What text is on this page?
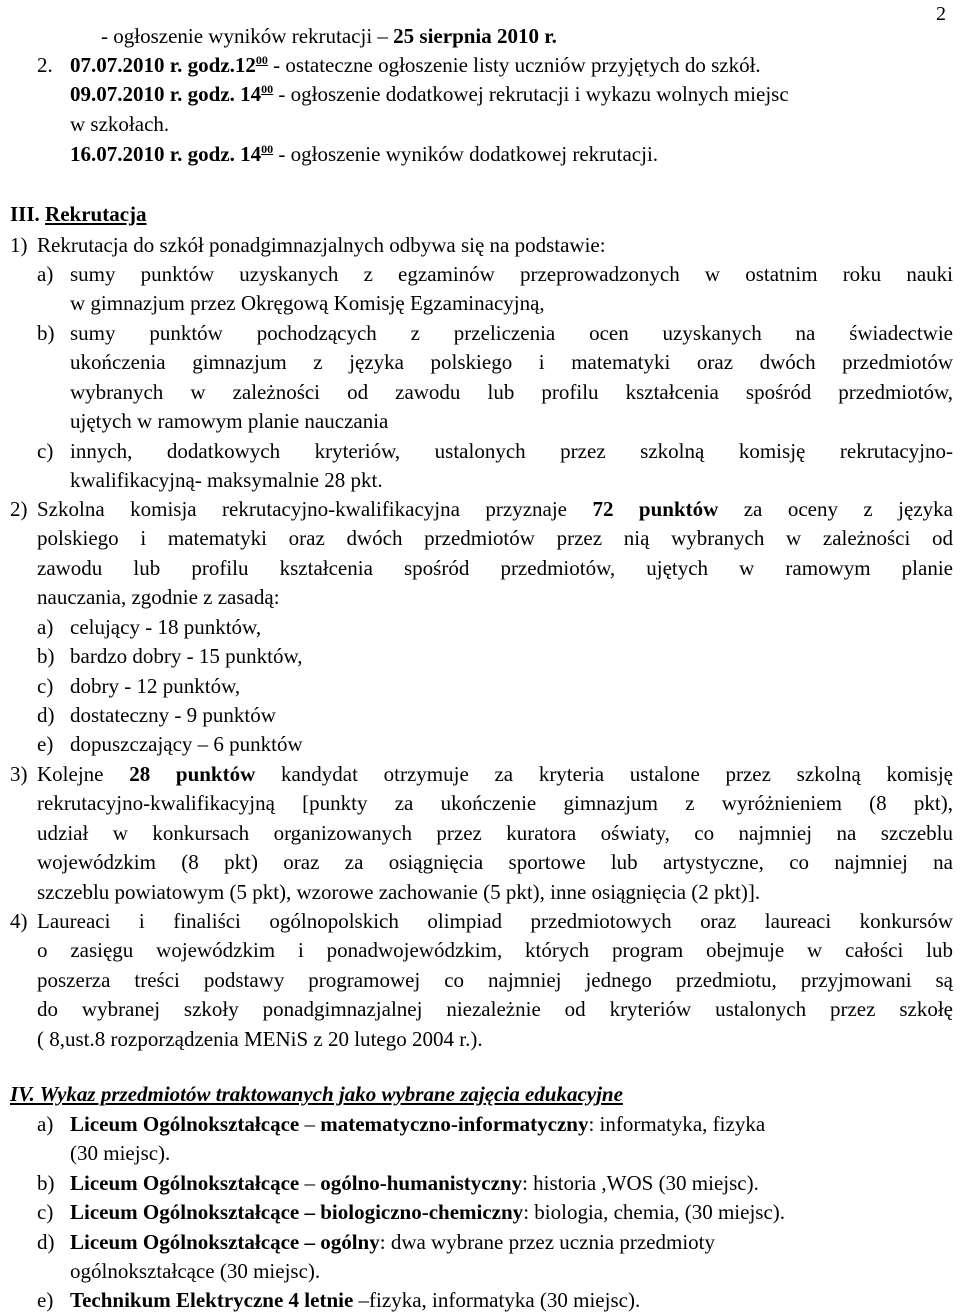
2
- ogłoszenie wyników rekrutacji – 25 sierpnia 2010 r.
2. 07.07.2010 r. $godz.12^{00}$ - ostateczne ogłoszenie listy uczniów przyjętych do szkół.
09.07.2010 r. godz. $14^{00}$ - ogłoszenie dodatkowej rekrutacji i wykazu wolnych miejsc
w szkołach.
16.07.2010 r. godz. $14^{00}$ - ogłoszenie wyników dodatkowej rekrutacji.
III. Rekrutacja
1) Rekrutacja do szkół ponadgimnazjalnych odbywa się na podstawie:
a) sumy punktów uzyskanych z egzaminów przeprowadzonych w ostatnim roku nauki
w gimnazjum przez Okręgową Komisję Egzaminacyjną,
b) sumy punktów pochodzących z przeliczenia ocen uzyskanych na świadectwie
ukończenia gimnazjum z języka polskiego i matematyki oraz dwóch przedmiotów
wybranych w zależności od zawodu lub profilu kształcenia spośród przedmiotów,
ujętych w ramowym planie nauczania
c) innych, dodatkowych kryteriów, ustalonych przez szkolną komisję rekrutacyjno-
kwalifikacyjną- maksymalnie 28 pkt.
2) Szkolna komisja rekrutacyjno-kwalifikacyjna przyznaje 72 punktów za oceny z języka
polskiego i matematyki oraz dwóch przedmiotów przez nią wybranych w zależności od
zawodu lub profilu kształcenia spośród przedmiotów, ujętych w ramowym planie
nauczania, zgodnie z zasadą:
a) celujący - 18 punktów,
b) bardzo dobry - 15 punktów,
c) dobry - 12 punktów,
d) dostateczny - 9 punktów
e) dopuszczający – 6 punktów
3) Kolejne 28 punktów kandydat otrzymuje za kryteria ustalone przez szkolną komisję
rekrutacyjno-kwalifikacyjną [punkty za ukończenie gimnazjum z wyróżnieniem (8 pkt),
udział w konkursach organizowanych przez kuratora oświaty, co najmniej na szczeblu
wojewódzkim (8 pkt) oraz za osiągnięcia sportowe lub artystyczne, co najmniej na
szczeblu powiatowym (5 pkt), wzorowe zachowanie (5 pkt), inne osiągnięcia (2 pkt)].
4) Laureaci i finaliści ogólnopolskich olimpiad przedmiotowych oraz laureaci konkursów
o zasięgu wojewódzkim i ponadwojewódzkim, których program obejmuje w całości lub
poszerza treści podstawy programowej co najmniej jednego przedmiotu, przyjmowani są
do wybranej szkoły ponadgimnazjalnej niezależnie od kryteriów ustalonych przez szkołę
( 8,ust.8 rozporządzenia MENiS z 20 lutego 2004 r.).
IV. Wykaz przedmiotów traktowanych jako wybrane zajęcia edukacyjne
a) Liceum Ogólnokształcące – matematyczno-informatyczny: informatyka, fizyka
(30 miejsc).
b) Liceum Ogólnokształcące – ogólno-humanistyczny: historia ,WOS (30 miejsc).
c) Liceum Ogólnokształcące – biologiczno-chemiczny: biologia, chemia, (30 miejsc).
d) Liceum Ogólnokształcące – ogólny: dwa wybrane przez ucznia przedmioty
ogólnokształcące (30 miejsc).
e) Technikum Elektryczne 4 letnie –fizyka, informatyka (30 miejsc).
